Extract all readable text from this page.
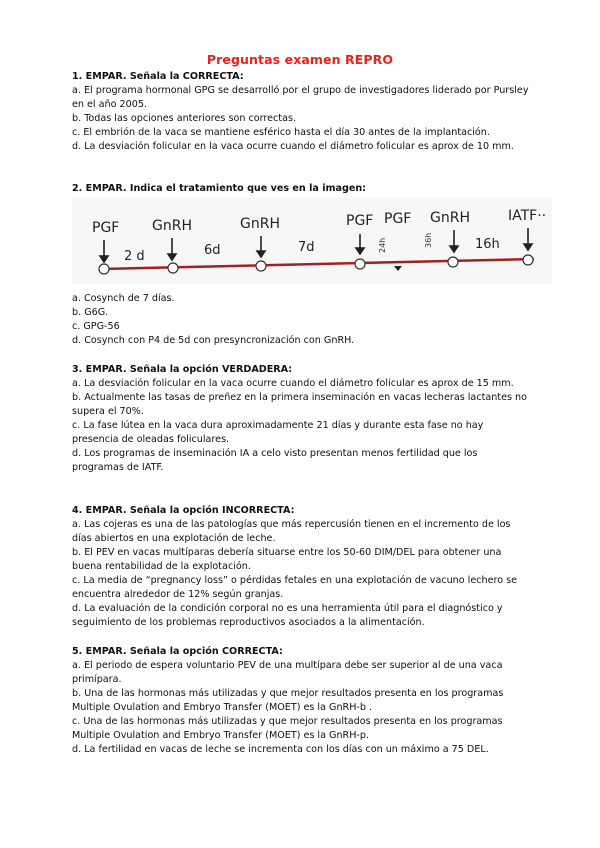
Preguntas examen REPRO
1. EMPAR. Señala la CORRECTA:

a. El programa hormonal GPG se desarrolló por el grupo de investigadores liderado por Pursley en el año 2005.

b. Todas las opciones anteriores son correctas.

c. El embrión de la vaca se mantiene esférico hasta el día 30 antes de la implantación.

d. La desviación folicular en la vaca ocurre cuando el diámetro folicular es aprox de 10 mm.

2. EMPAR. Indica el tratamiento que ves en la imagen:
PGF GnRH	GnRH	PGF PGF GnRH	IATF··
2 d	6d	7d	24h	36h	16h

a. Cosynch de 7 días.

b. G6G.

c. GPG-56

d. Cosynch con P4 de 5d con presyncronización con GnRH.

3. EMPAR. Señala la opción VERDADERA:

a. La desviación folicular en la vaca ocurre cuando el diámetro folicular es aprox de 15 mm.

b. Actualmente las tasas de preñez en la primera inseminación en vacas lecheras lactantes no supera el 70%.

c. La fase lútea en la vaca dura aproximadamente 21 días y durante esta fase no hay presencia de oleadas foliculares.

d. Los programas de inseminación IA a celo visto presentan menos fertilidad que los programas de IATF.

4. EMPAR. Señala la opción INCORRECTA:

a. Las cojeras es una de las patologías que más repercusión tienen en el incremento de los días abiertos en una explotación de leche.

b. El PEV en vacas multíparas debería situarse entre los 50-60 DIM/DEL para obtener una buena rentabilidad de la explotación.

c. La media de “pregnancy loss” o pérdidas fetales en una explotación de vacuno lechero se encuentra alrededor de 12% según granjas.

d. La evaluación de la condición corporal no es una herramienta útil para el diagnóstico y seguimiento de los problemas reproductivos asociados a la alimentación.

5. EMPAR. Señala la opción CORRECTA:

a. El periodo de espera voluntario PEV de una multípara debe ser superior al de una vaca primípara.

b. Una de las hormonas más utilizadas y que mejor resultados presenta en los programas Multiple Ovulation and Embryo Transfer (MOET) es la GnRH-b .

c. Una de las hormonas más utilizadas y que mejor resultados presenta en los programas Multiple Ovulation and Embryo Transfer (MOET) es la GnRH-p.

d. La fertilidad en vacas de leche se incrementa con los días con un máximo a 75 DEL.
